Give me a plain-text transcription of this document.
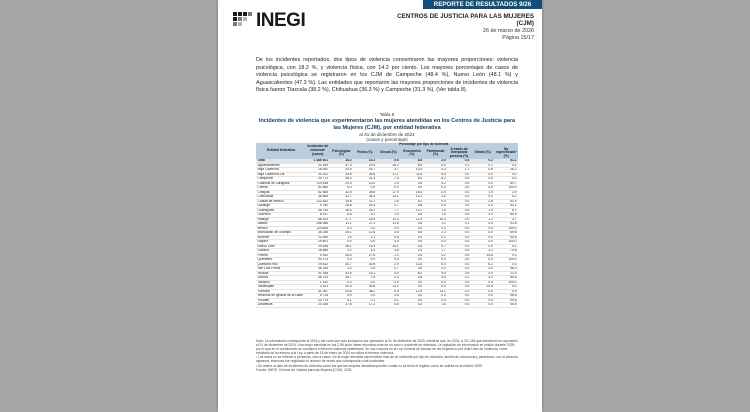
REPORTE DE RESULTADOS 9/26
INEGI	CENTROS DE JUSTICIA PARA LAS MUJERES
(CJM)
26 de marzo de 2026
Página 15/17

De los incidentes reportados, dos tipos de violencia concentraron las mayores proporciones: violencia psicológica, con 18.2 %, y violencia física, con 14.2 por ciento. Los mayores porcentajes de casos de violencia psicológica se registraron en los CJM de Campeche (48.4 %), Nuevo León (48.1 %) y Aguascalientes (47.3 %). Las entidades que reportaron las mayores proporciones de incidentes de violencia física fueron Tlaxcala (38.2 %), Chihuahua (36.3 %) y Campeche (31.3 %). (Ver tabla 8).

Tabla 8
Incidentes de violencia que experimentaron las mujeres atendidas en los Centros de Justicia para las Mujeres (CJM), por entidad federativa
al 31 de diciembre de 2024
(casos y porcentaje)
Entidad federativa	Incidentes de violencia¹ (casos)	Porcentaje por tipo de violencia							
		Psicológica (%)	Física (%)	Sexual (%)	Económica (%)	Patrimonial (%)	A través de interpósita persona (%)	Obrala (%)	No especificado² (%)
Total	1 486 921	18.2	14.2	5.6	8.8	3.0	0.4	0.2	51.1
Aguascalientes	22 349	47.3	20.5	16.2	8.0	0.0	0.1	0.1	4.3
Baja California	18 062	24.5	16.7	4.7	10.3	4.3	1.7	0.6	36.2
Baja California Sur	20 912	34.6	28.6	17.1	11.8	8.5	0.0	0.0	0.0
Campeche	29 772	48.4	31.3	7.5	8.4	8.2	0.0	0.0	0.0
Coahuila de Zaragoza	110 448	20.9	10.0	1.9	3.5	4.2	0.0	0.0	60.7
Colima	51 890	0.0	0.0	0.0	0.0	0.0	0.0	0.0	100.0
Chiapas	62 466	32.5	28.8	17.9	16.4	2.9	0.0	1.9	1.9
Chihuahua	38 689	31.7	36.3	13.2	10.1	3.6	0.0	0.0	5.2
Ciudad de México	112 842	15.5	11.1	2.6	5.2	0.9	0.0	2.6	62.4
Durango	9 760	26.6	16.4	2.7	0.6	0.0	0.0	0.0	52.1
Guanajuato	38 740	36.4	25.1	7.7	13.7	1.9	0.5	1.9	8.7
Guerrero	6 917	6.8	4.2	1.9	4.6	1.6	0.0	0.0	80.9
Hidalgo	56 913	27.7	18.9	11.3	22.3	16.4	0.0	1.2	2.7
Jalisco	196 066	11.1	27.3	11.6	0.8	1.1	0.1	0.5	93.8
México	124 605	0.0	0.0	0.0	0.0	0.0	0.0	0.0	100.0
Michoacán de Ocampo	36 246	16.1	12.6	3.6	5.5	2.3	0.0	0.0	59.8
Morelos	22 090	1.4	2.1	0.6	0.0	0.1	0.0	0.0	95.6
Nayarit	29 601	0.0	0.0	0.0	0.0	0.0	0.0	0.0	100.0
Nuevo León	25 538	48.1	16.4	25.1	0.6	0.7	0.0	0.0	9.1
Oaxaca	18 686	0.2	4.4	3.6	1.9	1.7	0.0	2.2	79.8
Puebla	9 162	45.4	17.6	1.3	0.4	0.2	0.0	34.8	0.3
Querétaro	90 373	0.0	0.0	0.0	0.0	0.0	0.0	0.0	100.0
Quintana Roo	29 812	40.7	30.9	2.9	13.0	6.0	0.0	6.2	0.3
San Luis Potosí	38 244	1.4	0.6	0.7	0.6	0.0	0.0	0.0	96.3
Sinaloa	51 158	43.5	19.1	5.0	8.2	4.9	0.6	0.0	13.3
Sonora	46 743	16.7	7.8	2.0	4.6	4.5	0.1	3.0	59.5
Tabasco	1 232	0.0	0.0	0.0	0.0	0.0	0.0	0.0	100.0
Tamaulipas	3 321	30.5	30.8	13.2	0.0	0.0	0.0	25.5	0.0
Tlaxcala	41 087	29.6	38.2	5.4	12.5	13.1	0.1	0.0	0.9
Veracruz de Ignacio de la Llave	6 716	0.0	0.0	3.5	0.0	0.0	0.0	0.0	96.5
Yucatán	20 774	0.1	0.1	0.1	0.0	0.0	0.0	0.0	99.6
Zacatecas	20 158	27.8	17.2	4.8	4.2	1.6	0.0	0.0	44.6

Nota: La información corresponde al 2024 y del corte que solo incluyeron por operación al 31 de diciembre de 2023, mientras que, en 2024, a 76 CJM que estuvieron en operación al 31 de diciembre de 2024. Una mujer atendida en los CJM pudo haber reportado más de un caso o incidente de violencia. La captación de información se realizó durante 2025, por lo que en el cuestionario se consideró el término violencia establecido, en sus vínculos en la Ley General de Acceso de las Mujeres a una Vida Libre de Violencia, como resultado de la reforma a la Ley, a partir de 15 de enero de 2024 se utiliza el término violencia.

¹ Los datos no se refieren a personas, sino a casos. De la mujer atendida experimentó más de un incidente por tipo de violencia, ámbito de ocurrencia y parentesco con la persona agresora, entonces fue registrado el número de veces que corresponde a las incidentes.

² Se refiere al dato de incidentes de violencia sobre los que las mujeres atendidas pueden contar no se tiene el registro como se solicita en la edición 2025.

Fuente: INEGI. Centros de Justicia para las Mujeres (CJM), 2025.
